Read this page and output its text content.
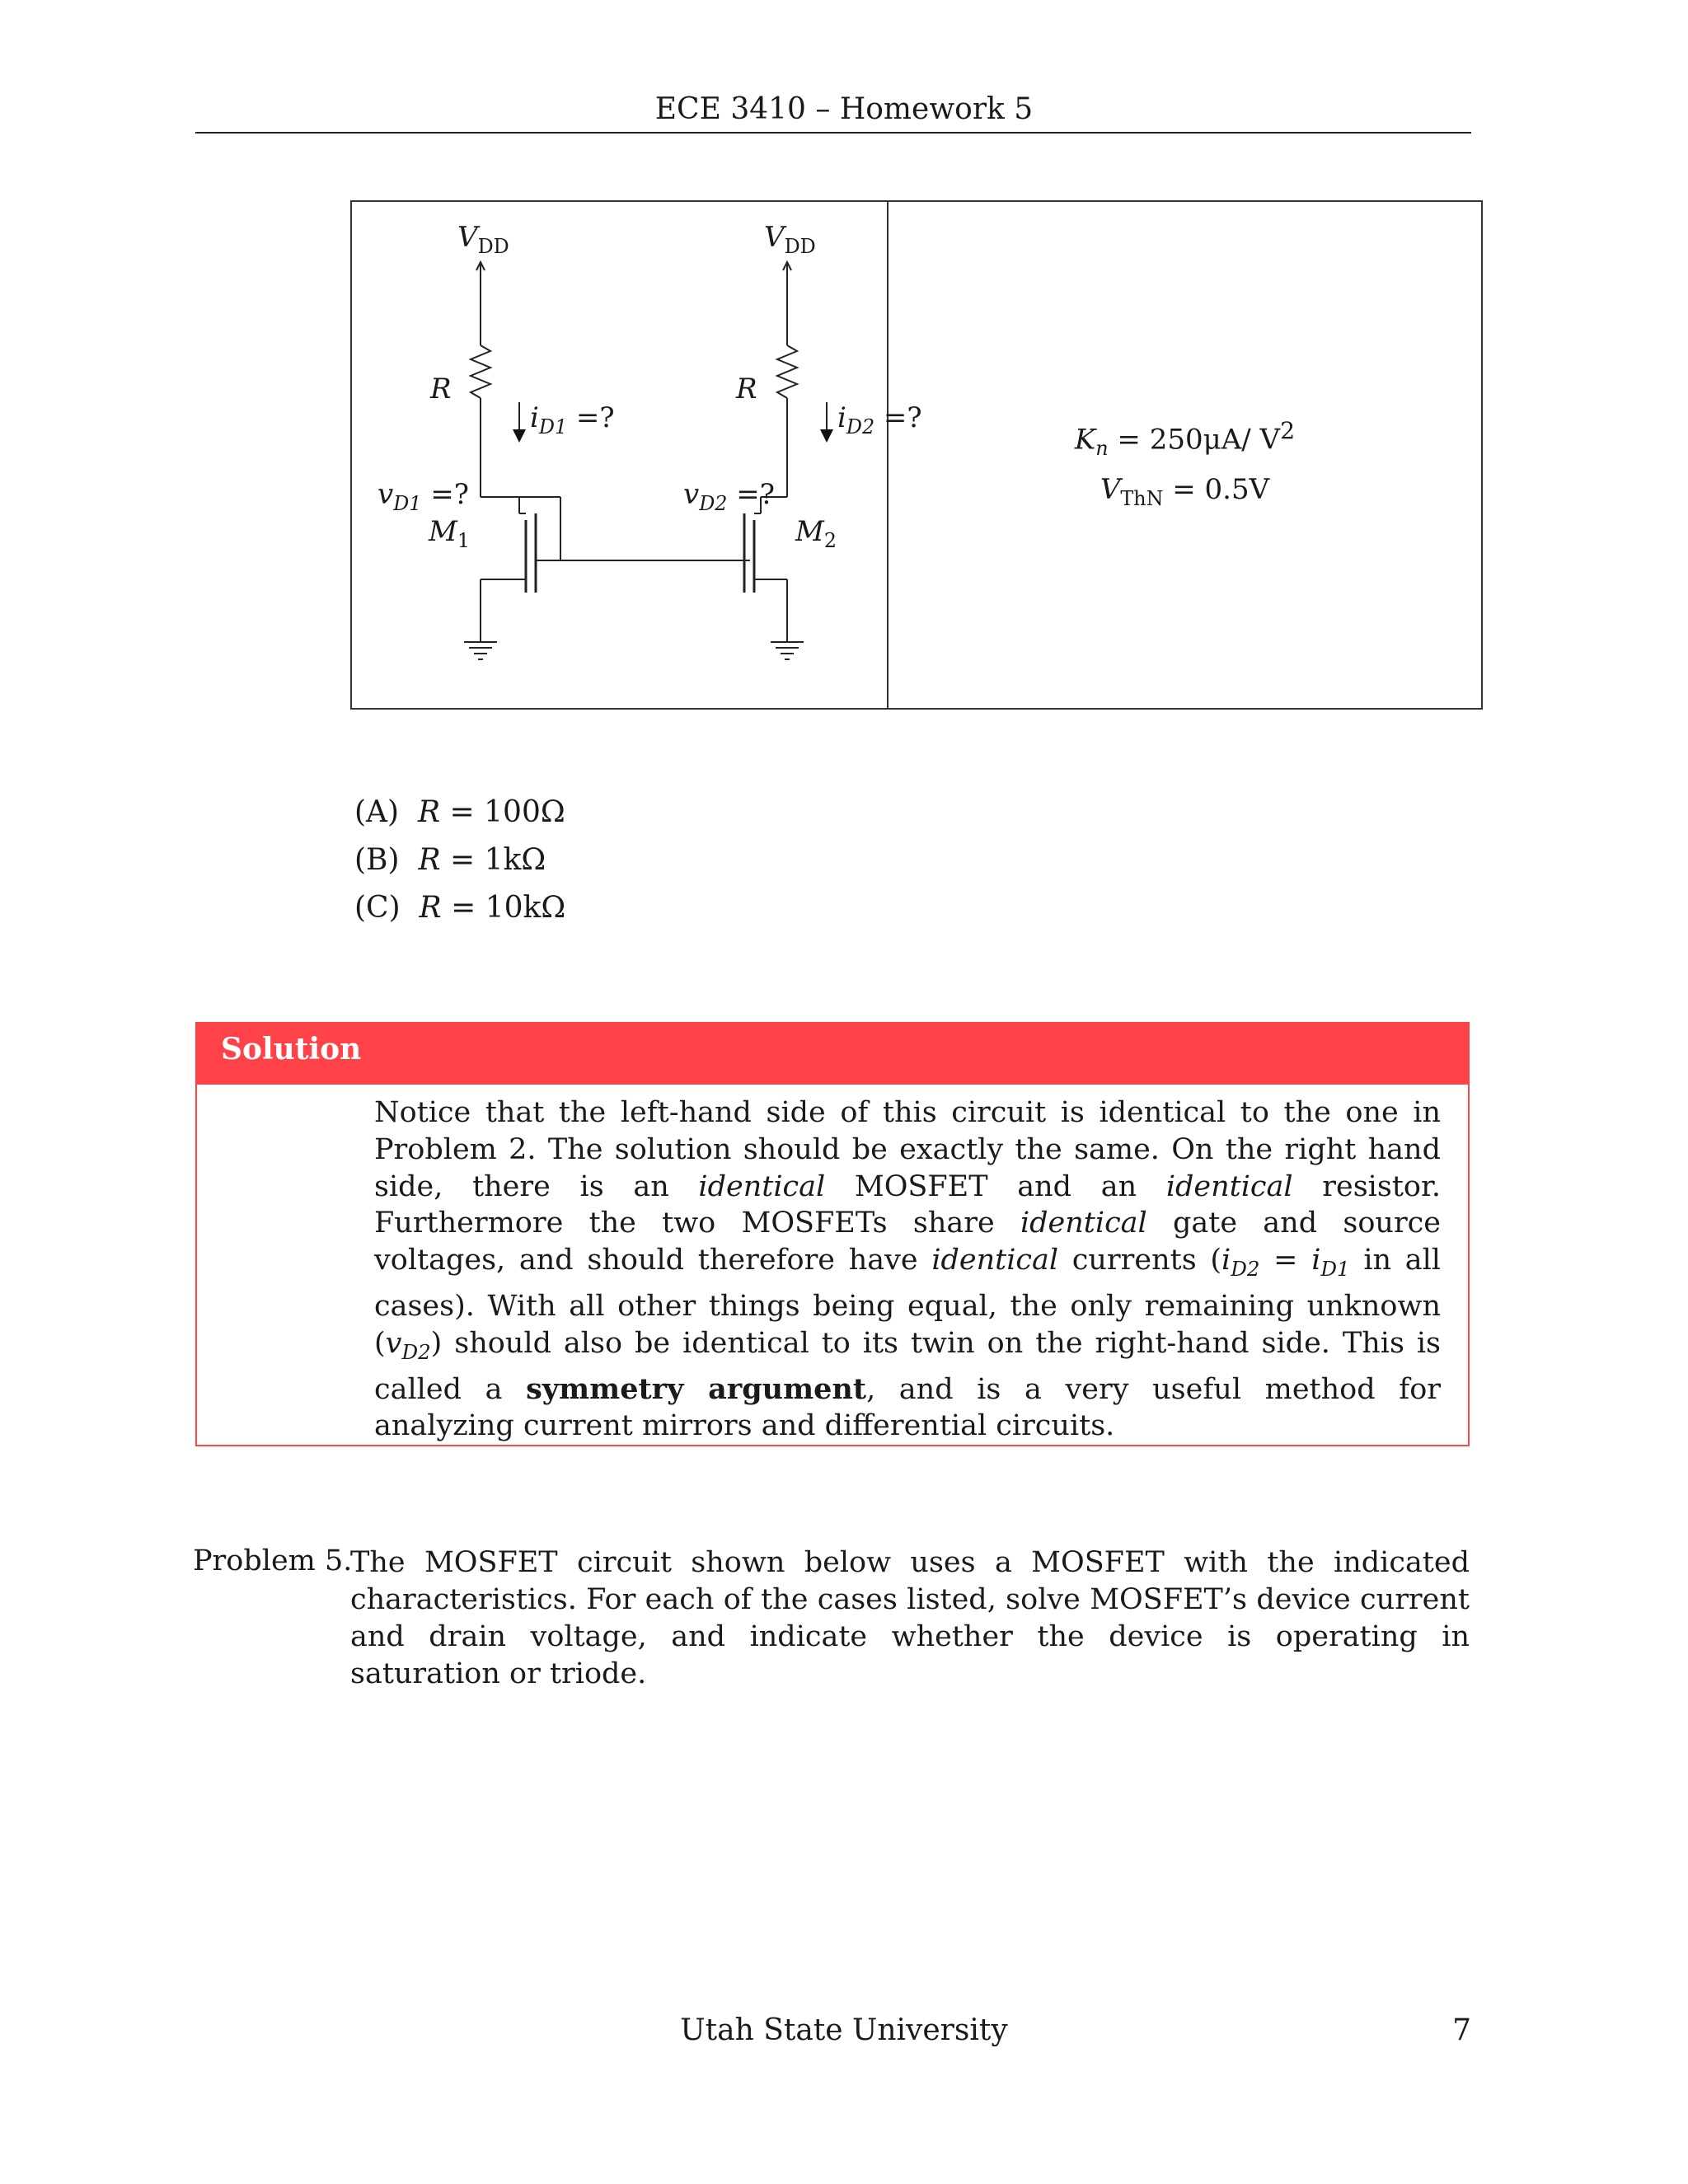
ECE 3410 – Homework 5
$V_{DD}$	$V_{DD}$
R	R
$i_{D1}$ =?	$i_{D2}$ =?
$v_{D1}$ =?	$v_{D2}$ =?
$M_1$	$M_2$
$K_n = 250\mu A/$ $V^2$
$V_{ThN} = 0.5V$
(A) R = 100Ω
(B) R = 1kΩ
(C) R = 10kΩ
Solution

Notice that the left-hand side of this circuit is identical to the one in Problem 2. The solution should be exactly the same. On the right hand side, there is an identical MOSFET and an identical resistor. Furthermore the two MOSFETs share identical gate and source voltages, and should therefore have identical currents ($i_{D2} = i_{D1}$ in all cases). With all other things being equal, the only remaining unknown $(v_{D2})$ should also be identical to its twin on the right-hand side. This is called a symmetry argument, and is a very useful method for analyzing current mirrors and differential circuits.

Problem 5.

The MOSFET circuit shown below uses a MOSFET with the indicated characteristics. For each of the cases listed, solve MOSFET’s device current and drain voltage, and indicate whether the device is operating in saturation or triode.

Utah State University	7
